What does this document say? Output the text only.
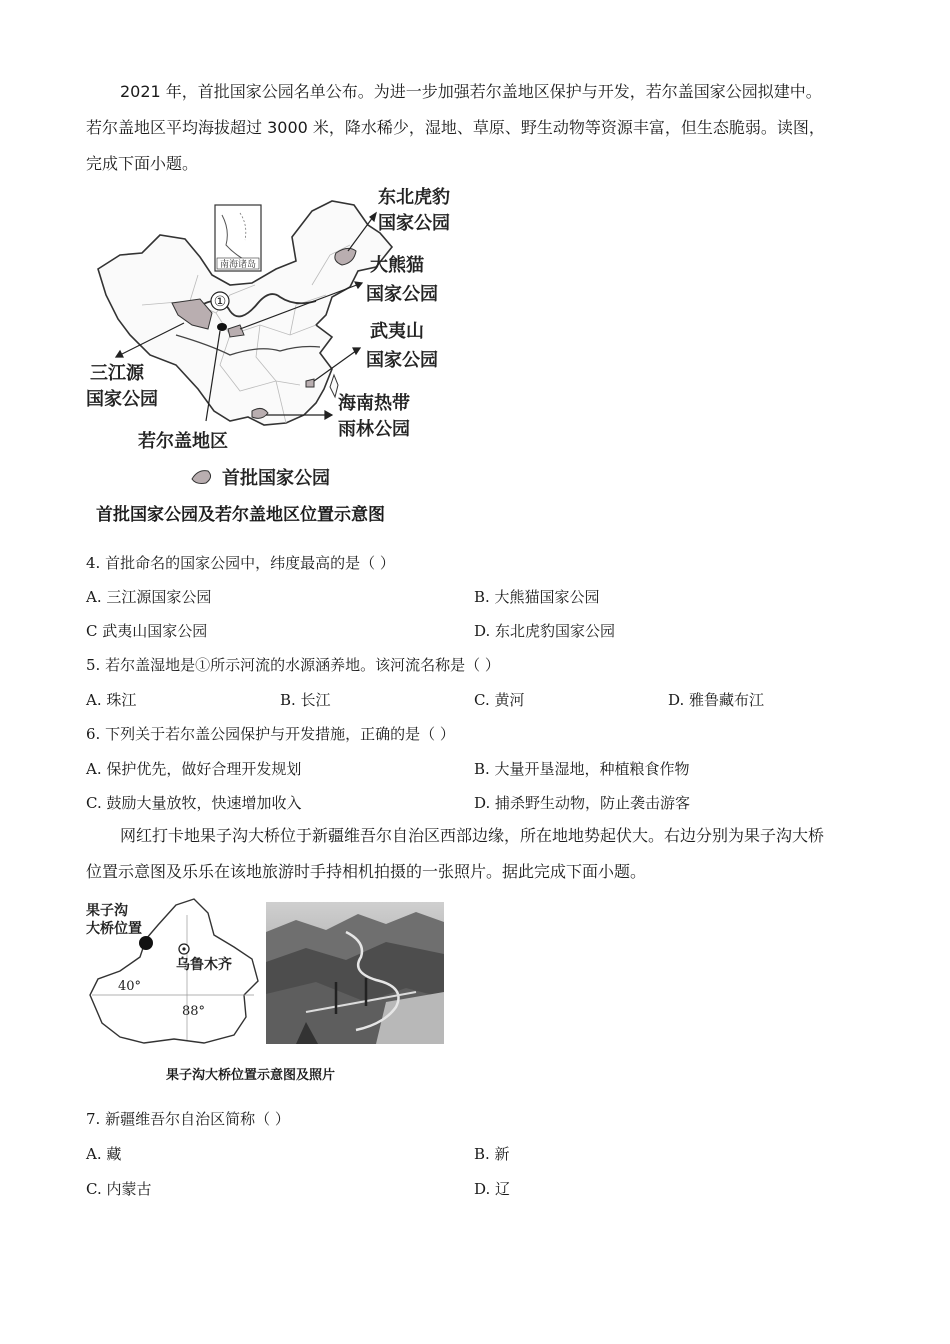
2021 年，首批国家公园名单公布。为进一步加强若尔盖地区保护与开发，若尔盖国家公园拟建中。
若尔盖地区平均海拔超过 3000 米，降水稀少，湿地、草原、野生动物等资源丰富，但生态脆弱。读图，
完成下面小题。
南海诸岛
①
东北虎豹
国家公园
大熊猫
国家公园
武夷山
国家公园
海南热带
雨林公园
三江源
国家公园
若尔盖地区
首批国家公园
首批国家公园及若尔盖地区位置示意图
4. 首批命名的国家公园中，纬度最高的是（ ）
A. 三江源国家公园	B. 大熊猫国家公园
C 武夷山国家公园	D. 东北虎豹国家公园
5. 若尔盖湿地是①所示河流的水源涵养地。该河流名称是（ ）
A. 珠江	B. 长江	C. 黄河	D. 雅鲁藏布江
6. 下列关于若尔盖公园保护与开发措施，正确的是（ ）
A. 保护优先，做好合理开发规划	B. 大量开垦湿地，种植粮食作物
C. 鼓励大量放牧，快速增加收入	D. 捕杀野生动物，防止袭击游客
网红打卡地果子沟大桥位于新疆维吾尔自治区西部边缘，所在地地势起伏大。右边分别为果子沟大桥
位置示意图及乐乐在该地旅游时手持相机拍摄的一张照片。据此完成下面小题。
果子沟
大桥位置
乌鲁木齐
40°
88°
果子沟大桥位置示意图及照片
7. 新疆维吾尔自治区简称（ ）
A. 藏	B. 新
C. 内蒙古	D. 辽
